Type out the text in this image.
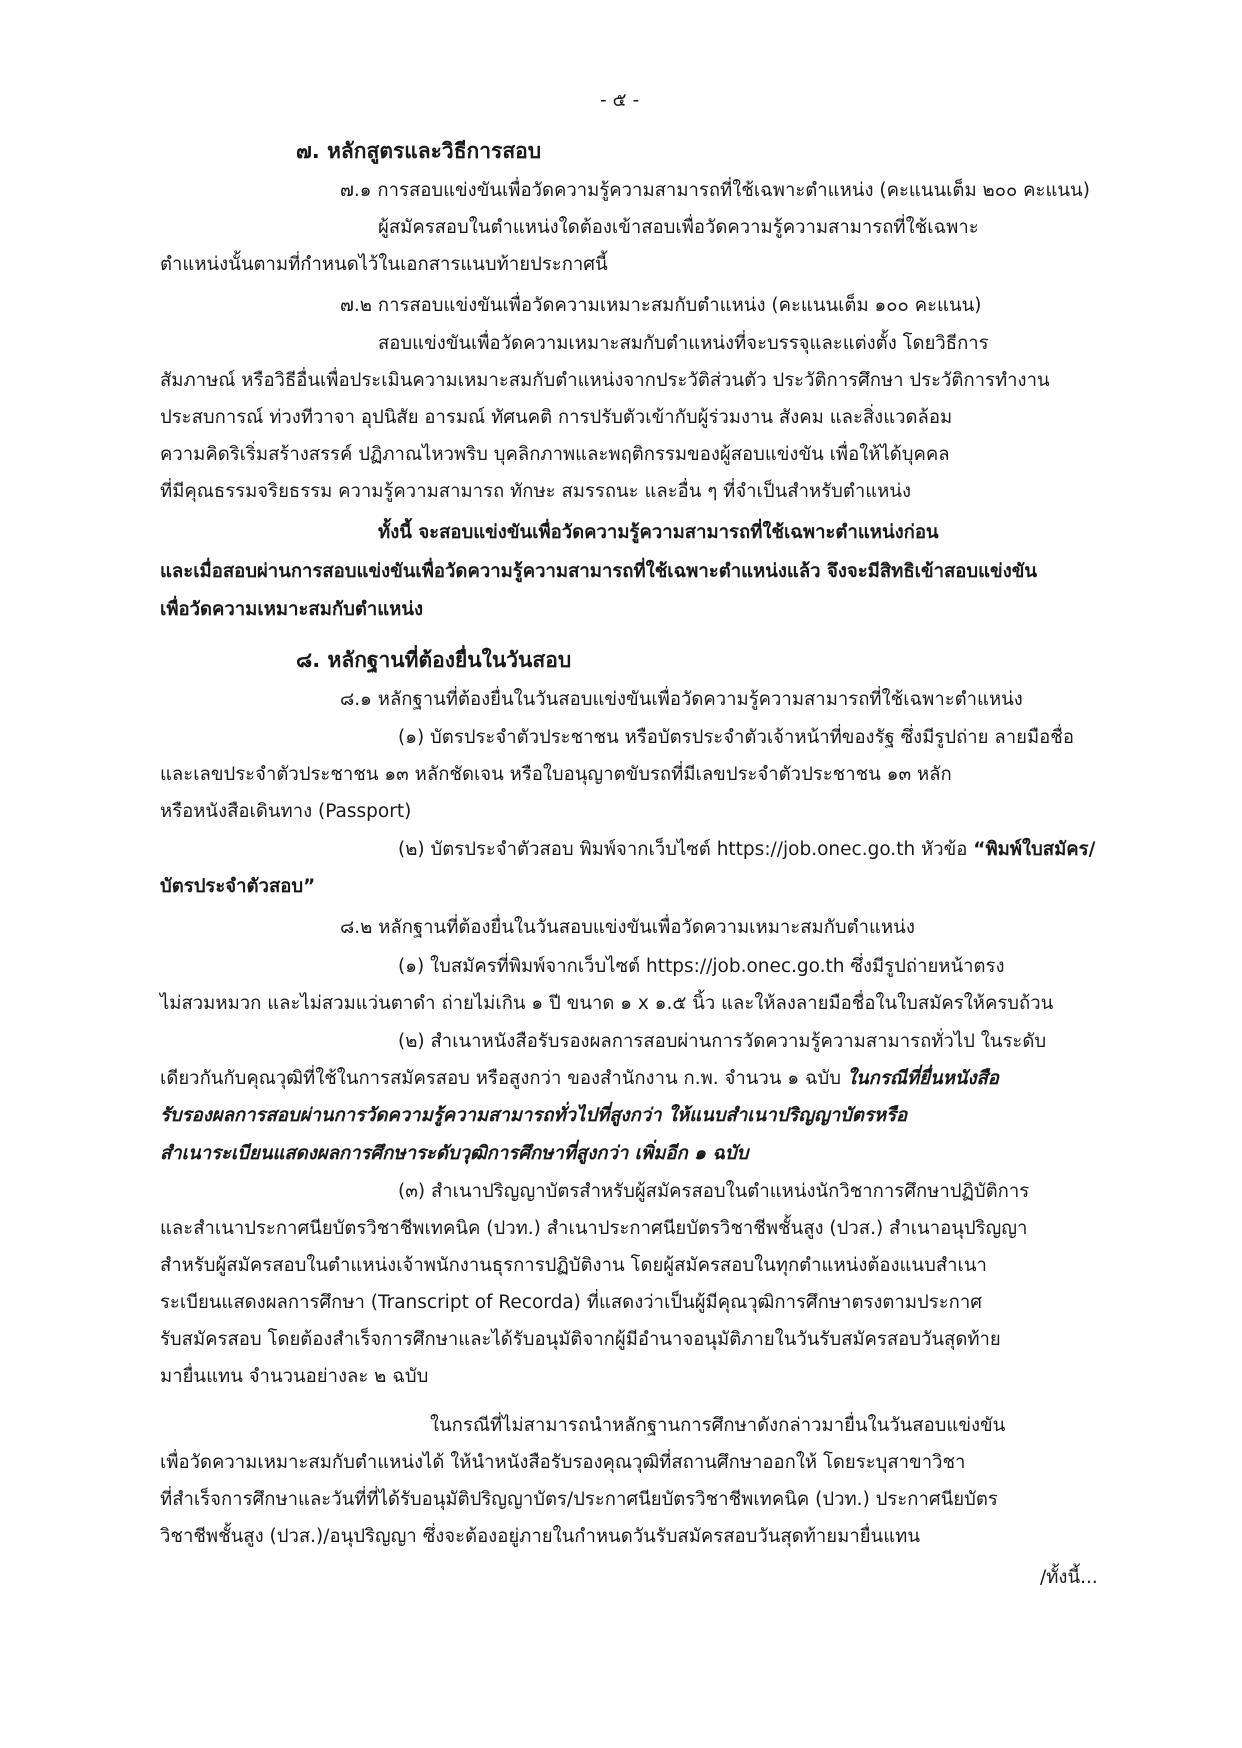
- ๕ -
๗. หลักสูตรและวิธีการสอบ
๗.๑ การสอบแข่งขันเพื่อวัดความรู้ความสามารถที่ใช้เฉพาะตำแหน่ง (คะแนนเต็ม ๒๐๐ คะแนน)
ผู้สมัครสอบในตำแหน่งใดต้องเข้าสอบเพื่อวัดความรู้ความสามารถที่ใช้เฉพาะ
ตำแหน่งนั้นตามที่กำหนดไว้ในเอกสารแนบท้ายประกาศนี้
๗.๒ การสอบแข่งขันเพื่อวัดความเหมาะสมกับตำแหน่ง (คะแนนเต็ม ๑๐๐ คะแนน)
สอบแข่งขันเพื่อวัดความเหมาะสมกับตำแหน่งที่จะบรรจุและแต่งตั้ง โดยวิธีการ
สัมภาษณ์ หรือวิธีอื่นเพื่อประเมินความเหมาะสมกับตำแหน่งจากประวัติส่วนตัว ประวัติการศึกษา ประวัติการทำงาน
ประสบการณ์ ท่วงทีวาจา อุปนิสัย อารมณ์ ทัศนคติ การปรับตัวเข้ากับผู้ร่วมงาน สังคม และสิ่งแวดล้อม
ความคิดริเริ่มสร้างสรรค์ ปฏิภาณไหวพริบ บุคลิกภาพและพฤติกรรมของผู้สอบแข่งขัน เพื่อให้ได้บุคคล
ที่มีคุณธรรมจริยธรรม ความรู้ความสามารถ ทักษะ สมรรถนะ และอื่น ๆ ที่จำเป็นสำหรับตำแหน่ง
ทั้งนี้ จะสอบแข่งขันเพื่อวัดความรู้ความสามารถที่ใช้เฉพาะตำแหน่งก่อน
และเมื่อสอบผ่านการสอบแข่งขันเพื่อวัดความรู้ความสามารถที่ใช้เฉพาะตำแหน่งแล้ว จึงจะมีสิทธิเข้าสอบแข่งขัน
เพื่อวัดความเหมาะสมกับตำแหน่ง
๘. หลักฐานที่ต้องยื่นในวันสอบ
๘.๑ หลักฐานที่ต้องยื่นในวันสอบแข่งขันเพื่อวัดความรู้ความสามารถที่ใช้เฉพาะตำแหน่ง
(๑) บัตรประจำตัวประชาชน หรือบัตรประจำตัวเจ้าหน้าที่ของรัฐ ซึ่งมีรูปถ่าย ลายมือชื่อ
และเลขประจำตัวประชาชน ๑๓ หลักชัดเจน หรือใบอนุญาตขับรถที่มีเลขประจำตัวประชาชน ๑๓ หลัก
หรือหนังสือเดินทาง (Passport)
(๒) บัตรประจำตัวสอบ พิมพ์จากเว็บไซต์ https://job.onec.go.th หัวข้อ “พิมพ์ใบสมัคร/
บัตรประจำตัวสอบ”
๘.๒ หลักฐานที่ต้องยื่นในวันสอบแข่งขันเพื่อวัดความเหมาะสมกับตำแหน่ง
(๑) ใบสมัครที่พิมพ์จากเว็บไซต์ https://job.onec.go.th ซึ่งมีรูปถ่ายหน้าตรง
ไม่สวมหมวก และไม่สวมแว่นตาดำ ถ่ายไม่เกิน ๑ ปี ขนาด ๑ x ๑.๕ นิ้ว และให้ลงลายมือชื่อในใบสมัครให้ครบถ้วน
(๒) สำเนาหนังสือรับรองผลการสอบผ่านการวัดความรู้ความสามารถทั่วไป ในระดับ
เดียวกันกับคุณวุฒิที่ใช้ในการสมัครสอบ หรือสูงกว่า ของสำนักงาน ก.พ. จำนวน ๑ ฉบับ ในกรณีที่ยื่นหนังสือ
รับรองผลการสอบผ่านการวัดความรู้ความสามารถทั่วไปที่สูงกว่า ให้แนบสำเนาปริญญาบัตรหรือ
สำเนาระเบียนแสดงผลการศึกษาระดับวุฒิการศึกษาที่สูงกว่า เพิ่มอีก ๑ ฉบับ
(๓) สำเนาปริญญาบัตรสำหรับผู้สมัครสอบในตำแหน่งนักวิชาการศึกษาปฏิบัติการ
และสำเนาประกาศนียบัตรวิชาชีพเทคนิค (ปวท.) สำเนาประกาศนียบัตรวิชาชีพชั้นสูง (ปวส.) สำเนาอนุปริญญา
สำหรับผู้สมัครสอบในตำแหน่งเจ้าพนักงานธุรการปฏิบัติงาน โดยผู้สมัครสอบในทุกตำแหน่งต้องแนบสำเนา
ระเบียนแสดงผลการศึกษา (Transcript of Recorda) ที่แสดงว่าเป็นผู้มีคุณวุฒิการศึกษาตรงตามประกาศ
รับสมัครสอบ โดยต้องสำเร็จการศึกษาและได้รับอนุมัติจากผู้มีอำนาจอนุมัติภายในวันรับสมัครสอบวันสุดท้าย
มายื่นแทน จำนวนอย่างละ ๒ ฉบับ
ในกรณีที่ไม่สามารถนำหลักฐานการศึกษาดังกล่าวมายื่นในวันสอบแข่งขัน
เพื่อวัดความเหมาะสมกับตำแหน่งได้ ให้นำหนังสือรับรองคุณวุฒิที่สถานศึกษาออกให้ โดยระบุสาขาวิชา
ที่สำเร็จการศึกษาและวันที่ที่ได้รับอนุมัติปริญญาบัตร/ประกาศนียบัตรวิชาชีพเทคนิค (ปวท.) ประกาศนียบัตร
วิชาชีพชั้นสูง (ปวส.)/อนุปริญญา ซึ่งจะต้องอยู่ภายในกำหนดวันรับสมัครสอบวันสุดท้ายมายื่นแทน
/ทั้งนี้...
